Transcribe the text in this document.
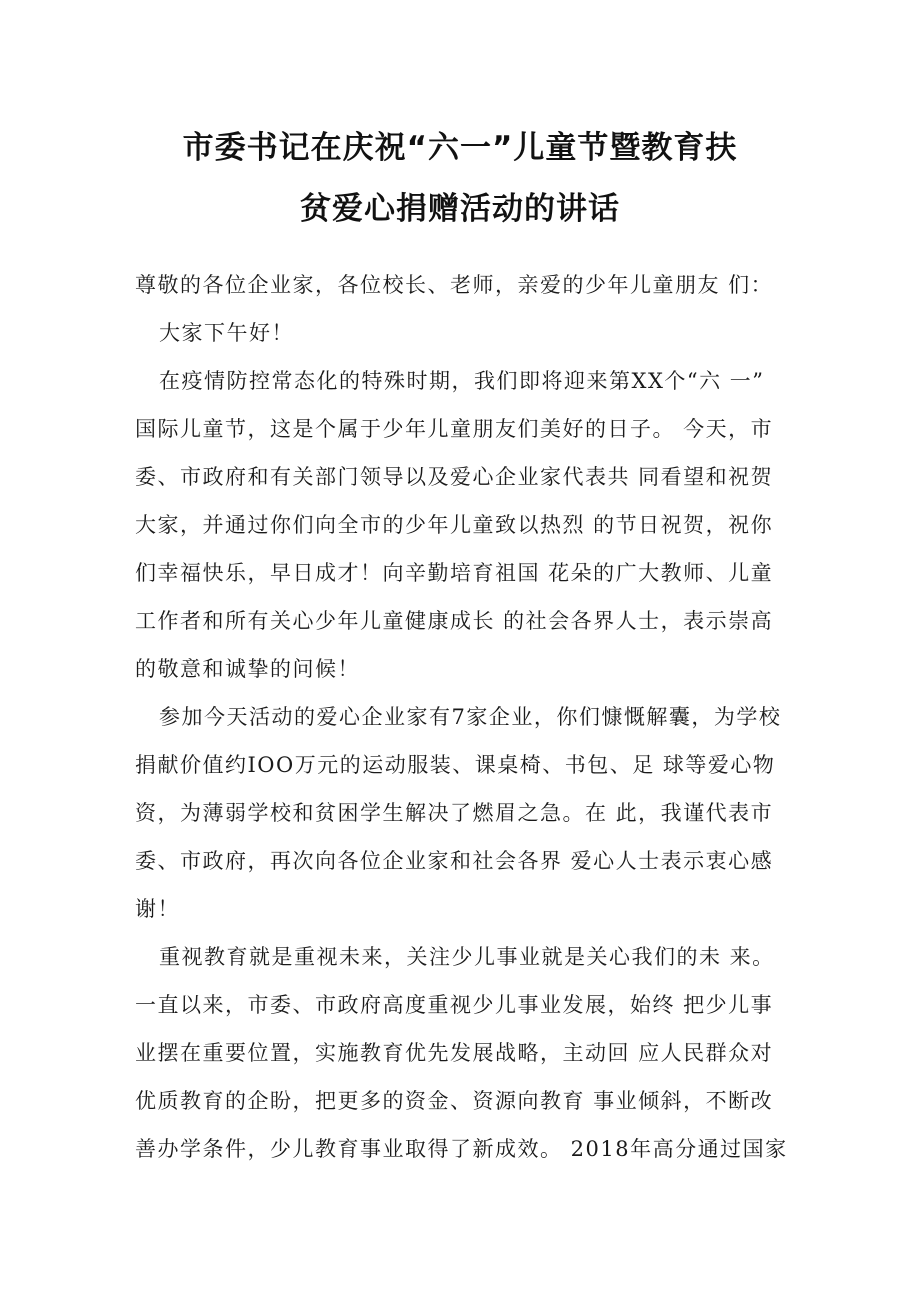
市委书记在庆祝“六一”儿童节暨教育扶
贫爱心捐赠活动的讲话
尊敬的各位企业家，各位校长、老师，亲爱的少年儿童朋友 们：
大家下午好！
在疫情防控常态化的特殊时期，我们即将迎来第XX个“六 一”
国际儿童节，这是个属于少年儿童朋友们美好的日子。 今天，市
委、市政府和有关部门领导以及爱心企业家代表共 同看望和祝贺
大家，并通过你们向全市的少年儿童致以热烈 的节日祝贺，祝你
们幸福快乐，早日成才！向辛勤培育祖国 花朵的广大教师、儿童
工作者和所有关心少年儿童健康成长 的社会各界人士，表示崇高
的敬意和诚挚的问候！
参加今天活动的爱心企业家有7家企业，你们慷慨解囊，为学校
捐献价值约IOO万元的运动服装、课桌椅、书包、足 球等爱心物
资，为薄弱学校和贫困学生解决了燃眉之急。在 此，我谨代表市
委、市政府，再次向各位企业家和社会各界 爱心人士表示衷心感
谢！
重视教育就是重视未来，关注少儿事业就是关心我们的未 来。
一直以来，市委、市政府高度重视少儿事业发展，始终 把少儿事
业摆在重要位置，实施教育优先发展战略，主动回 应人民群众对
优质教育的企盼，把更多的资金、资源向教育 事业倾斜，不断改
善办学条件，少儿教育事业取得了新成效。 2018年高分通过国家
